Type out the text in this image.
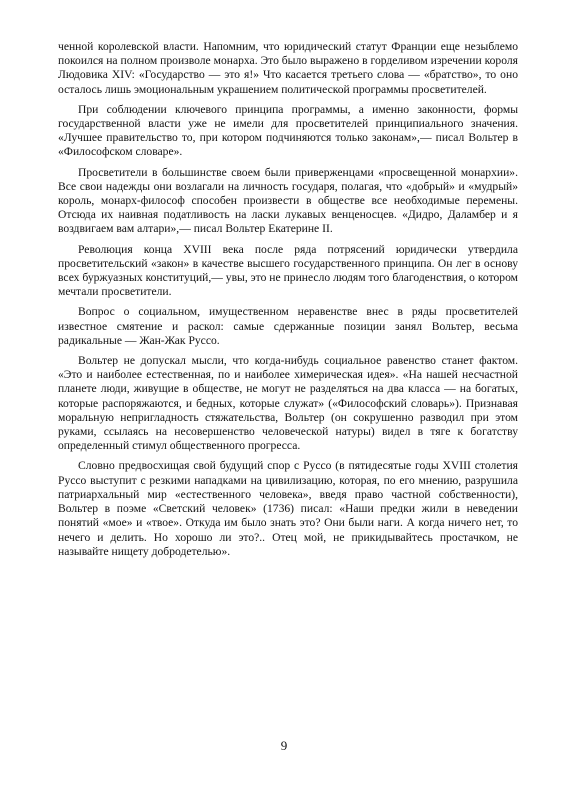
ченной королевской власти. Напомним, что юридический статут Франции еще незыблемо покоился на полном произволе монарха. Это было выражено в горделивом изречении короля Людовика XIV: «Государство — это я!» Что касается третьего слова — «братство», то оно осталось лишь эмоциональным украшением политической программы просветителей.

При соблюдении ключевого принципа программы, а именно законности, формы государственной власти уже не имели для просветителей принципиального значения. «Лучшее правительство то, при котором подчиняются только законам»,— писал Вольтер в «Философском словаре».

Просветители в большинстве своем были приверженцами «просвещенной монархии». Все свои надежды они возлагали на личность государя, полагая, что «добрый» и «мудрый» король, монарх-философ способен произвести в обществе все необходимые перемены. Отсюда их наивная податливость на ласки лукавых венценосцев. «Дидро, Даламбер и я воздвигаем вам алтари»,— писал Вольтер Екатерине II.

Революция конца XVIII века после ряда потрясений юридически утвердила просветительский «закон» в качестве высшего государственного принципа. Он лег в основу всех буржуазных конституций,— увы, это не принесло людям того благоденствия, о котором мечтали просветители.

Вопрос о социальном, имущественном неравенстве внес в ряды просветителей известное смятение и раскол: самые сдержанные позиции занял Вольтер, весьма радикальные — Жан-Жак Руссо.

Вольтер не допускал мысли, что когда-нибудь социальное равенство станет фактом. «Это и наиболее естественная, по и наиболее химерическая идея». «На нашей несчастной планете люди, живущие в обществе, не могут не разделяться на два класса — на богатых, которые распоряжаются, и бедных, которые служат» («Философский словарь»). Признавая моральную непригладность стяжательства, Вольтер (он сокрушенно разводил при этом руками, ссылаясь на несовершенство человеческой натуры) видел в тяге к богатству определенный стимул общественного прогресса.

Словно предвосхищая свой будущий спор с Руссо (в пятидесятые годы XVIII столетия Руссо выступит с резкими нападками на цивилизацию, которая, по его мнению, разрушила патриархальный мир «естественного человека», введя право частной собственности), Вольтер в поэме «Светский человек» (1736) писал: «Наши предки жили в неведении понятий «мое» и «твое». Откуда им было знать это? Они были наги. А когда ничего нет, то нечего и делить. Но хорошо ли это?.. Отец мой, не прикидывайтесь простачком, не называйте нищету добродетелью».

9
